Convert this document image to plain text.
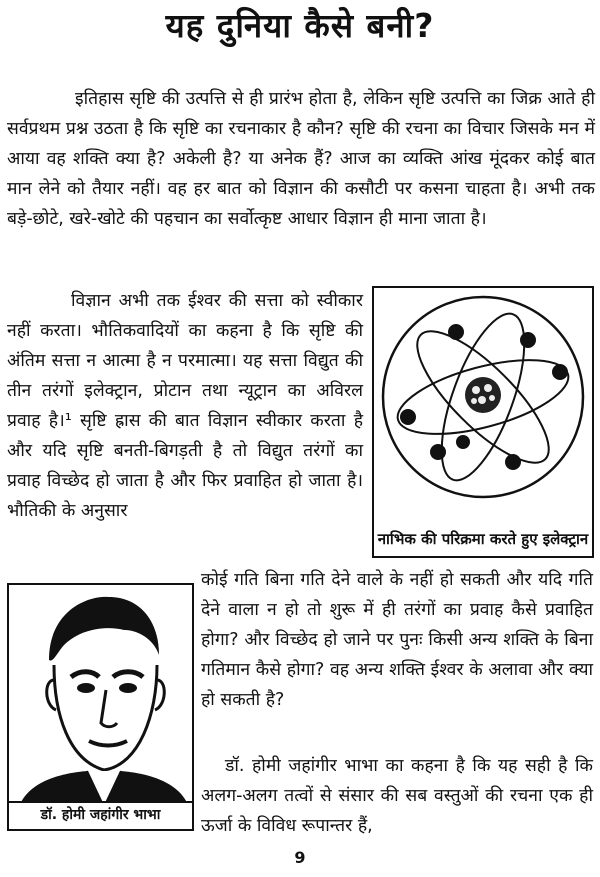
यह दुनिया कैसे बनी?

इतिहास सृष्टि की उत्पत्ति से ही प्रारंभ होता है, लेकिन सृष्टि उत्पत्ति का जिक्र आते ही सर्वप्रथम प्रश्न उठता है कि सृष्टि का रचनाकार है कौन? सृष्टि की रचना का विचार जिसके मन में आया वह शक्ति क्या है? अकेली है? या अनेक हैं? आज का व्यक्ति आंख मूंदकर कोई बात मान लेने को तैयार नहीं। वह हर बात को विज्ञान की कसौटी पर कसना चाहता है। अभी तक बड़े-छोटे, खरे-खोटे की पहचान का सर्वोत्कृष्ट आधार विज्ञान ही माना जाता है।

विज्ञान अभी तक ईश्वर की सत्ता को स्वीकार नहीं करता। भौतिकवादियों का कहना है कि सृष्टि की अंतिम सत्ता न आत्मा है न परमात्मा। यह सत्ता विद्युत की तीन तरंगों इलेक्ट्रान, प्रोटान तथा न्यूट्रान का अविरल प्रवाह है।¹ सृष्टि ह्रास की बात विज्ञान स्वीकार करता है और यदि सृष्टि बनती-बिगड़ती है तो विद्युत तरंगों का प्रवाह विच्छेद हो जाता है और फिर प्रवाहित हो जाता है। भौतिकी के अनुसार

नाभिक की परिक्रमा करते हुए इलेक्ट्रान
डॉ. होमी जहांगीर भाभा

कोई गति बिना गति देने वाले के नहीं हो सकती और यदि गति देने वाला न हो तो शुरू में ही तरंगों का प्रवाह कैसे प्रवाहित होगा? और विच्छेद हो जाने पर पुनः किसी अन्य शक्ति के बिना गतिमान कैसे होगा? वह अन्य शक्ति ईश्वर के अलावा और क्या हो सकती है?

डॉ. होमी जहांगीर भाभा का कहना है कि यह सही है कि अलग-अलग तत्वों से संसार की सब वस्तुओं की रचना एक ही ऊर्जा के विविध रूपान्तर हैं,

9
